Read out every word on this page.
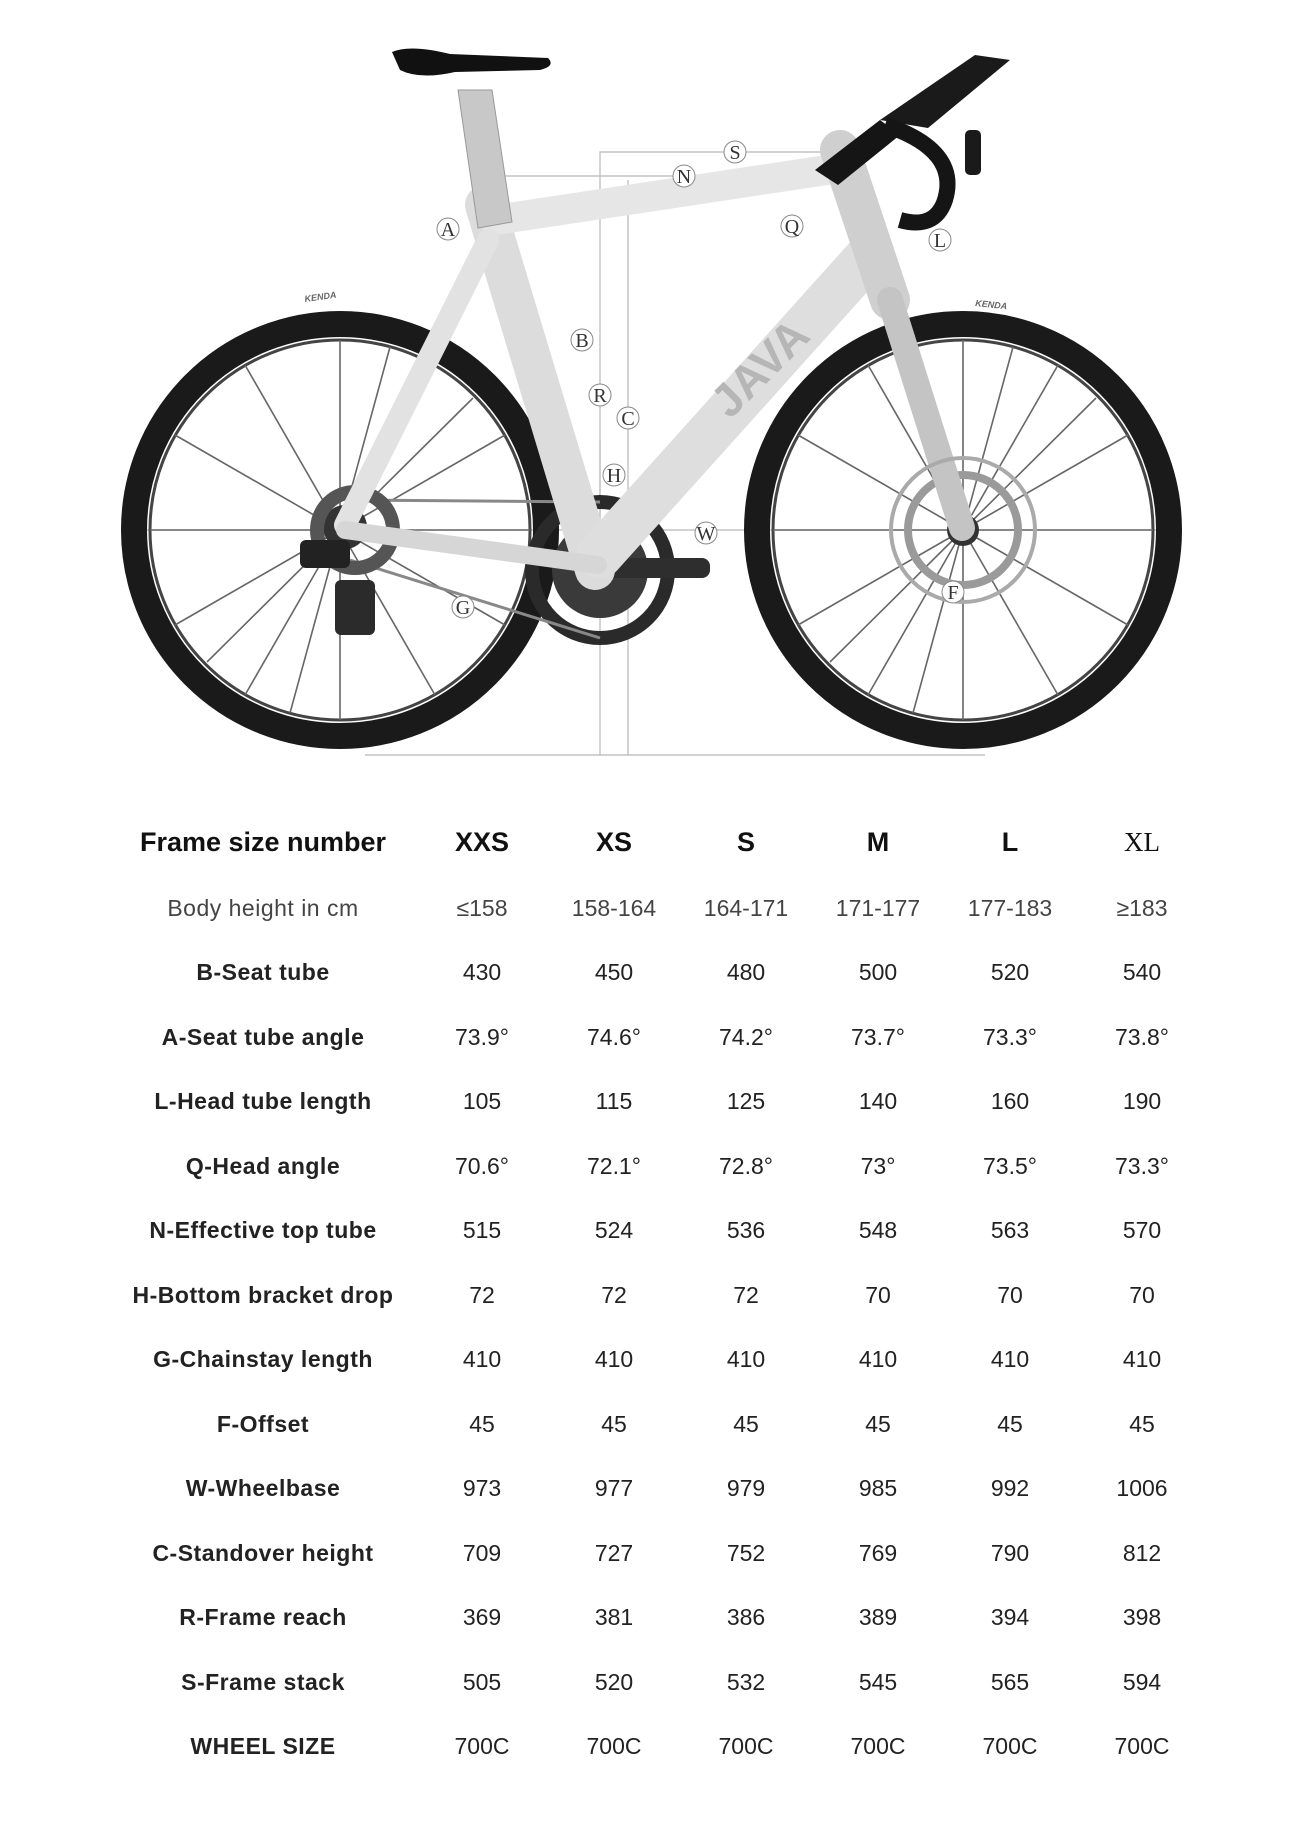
JAVA
KENDA
KENDA
S
N
A	Q
L
B
R
C
H
W
F
G
Frame size number	XXS	XS	S	M	L	XL
Body height in cm	≤158	158-164	164-171	171-177	177-183	≥183
B-Seat tube	430	450	480	500	520	540
A-Seat tube angle	73.9°	74.6°	74.2°	73.7°	73.3°	73.8°
L-Head tube length	105	115	125	140	160	190
Q-Head angle	70.6°	72.1°	72.8°	73°	73.5°	73.3°
N-Effective top tube	515	524	536	548	563	570
H-Bottom bracket drop	72	72	72	70	70	70
G-Chainstay length	410	410	410	410	410	410
F-Offset	45	45	45	45	45	45
W-Wheelbase	973	977	979	985	992	1006
C-Standover height	709	727	752	769	790	812
R-Frame reach	369	381	386	389	394	398
S-Frame stack	505	520	532	545	565	594
WHEEL SIZE	700C	700C	700C	700C	700C	700C
